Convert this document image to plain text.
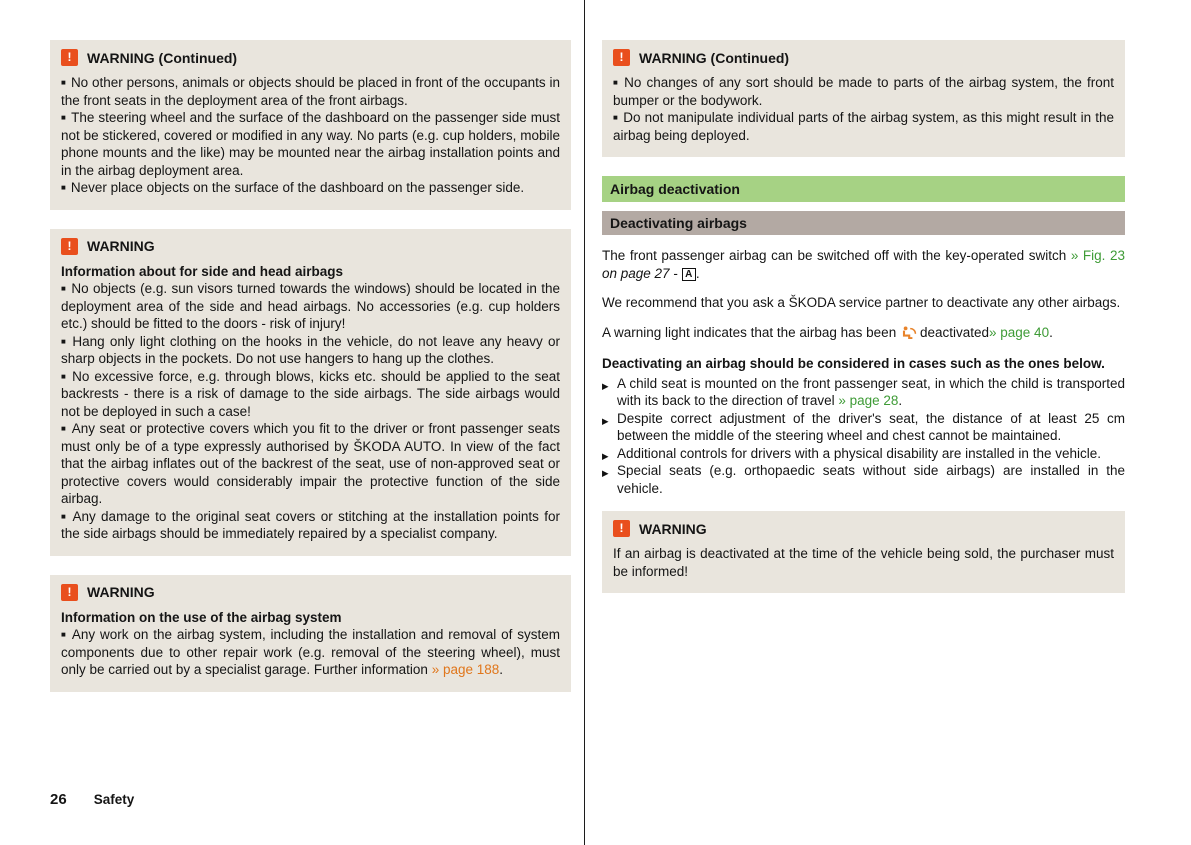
!	WARNING (Continued)

■ No other persons, animals or objects should be placed in front of the occupants in the front seats in the deployment area of the front airbags.

■ The steering wheel and the surface of the dashboard on the passenger side must not be stickered, covered or modified in any way. No parts (e.g. cup holders, mobile phone mounts and the like) may be mounted near the airbag installation points and in the airbag deployment area.

■ Never place objects on the surface of the dashboard on the passenger side.

!	WARNING

Information about for side and head airbags

■ No objects (e.g. sun visors turned towards the windows) should be located in the deployment area of the side and head airbags. No accessories (e.g. cup holders etc.) should be fitted to the doors - risk of injury!

■ Hang only light clothing on the hooks in the vehicle, do not leave any heavy or sharp objects in the pockets. Do not use hangers to hang up the clothes.

■ No excessive force, e.g. through blows, kicks etc. should be applied to the seat backrests - there is a risk of damage to the side airbags. The side airbags would not be deployed in such a case!

■ Any seat or protective covers which you fit to the driver or front passenger seats must only be of a type expressly authorised by ŠKODA AUTO. In view of the fact that the airbag inflates out of the backrest of the seat, use of non-approved seat or protective covers would considerably impair the protective function of the side airbag.

■ Any damage to the original seat covers or stitching at the installation points for the side airbags should be immediately repaired by a specialist company.

!	WARNING

Information on the use of the airbag system

■ Any work on the airbag system, including the installation and removal of system components due to other repair work (e.g. removal of the steering wheel), must only be carried out by a specialist garage. Further information » page 188.

!	WARNING (Continued)

■ No changes of any sort should be made to parts of the airbag system, the front bumper or the bodywork.

■ Do not manipulate individual parts of the airbag system, as this might result in the airbag being deployed.

Airbag deactivation
Deactivating airbags

The front passenger airbag can be switched off with the key-operated switch » Fig. 23 on page 27 - A .

We recommend that you ask a ŠKODA service partner to deactivate any other airbags.

A warning light indicates that the airbag has been deactivated» page 40.

Deactivating an airbag should be considered in cases such as the ones below.

▶ A child seat is mounted on the front passenger seat, in which the child is transported with its back to the direction of travel » page 28.

▶ Despite correct adjustment of the driver's seat, the distance of at least 25 cm between the middle of the steering wheel and chest cannot be maintained.

▶ Additional controls for drivers with a physical disability are installed in the vehicle.

▶ Special seats (e.g. orthopaedic seats without side airbags) are installed in the vehicle.

!	WARNING

If an airbag is deactivated at the time of the vehicle being sold, the purchaser must be informed!

26 Safety
